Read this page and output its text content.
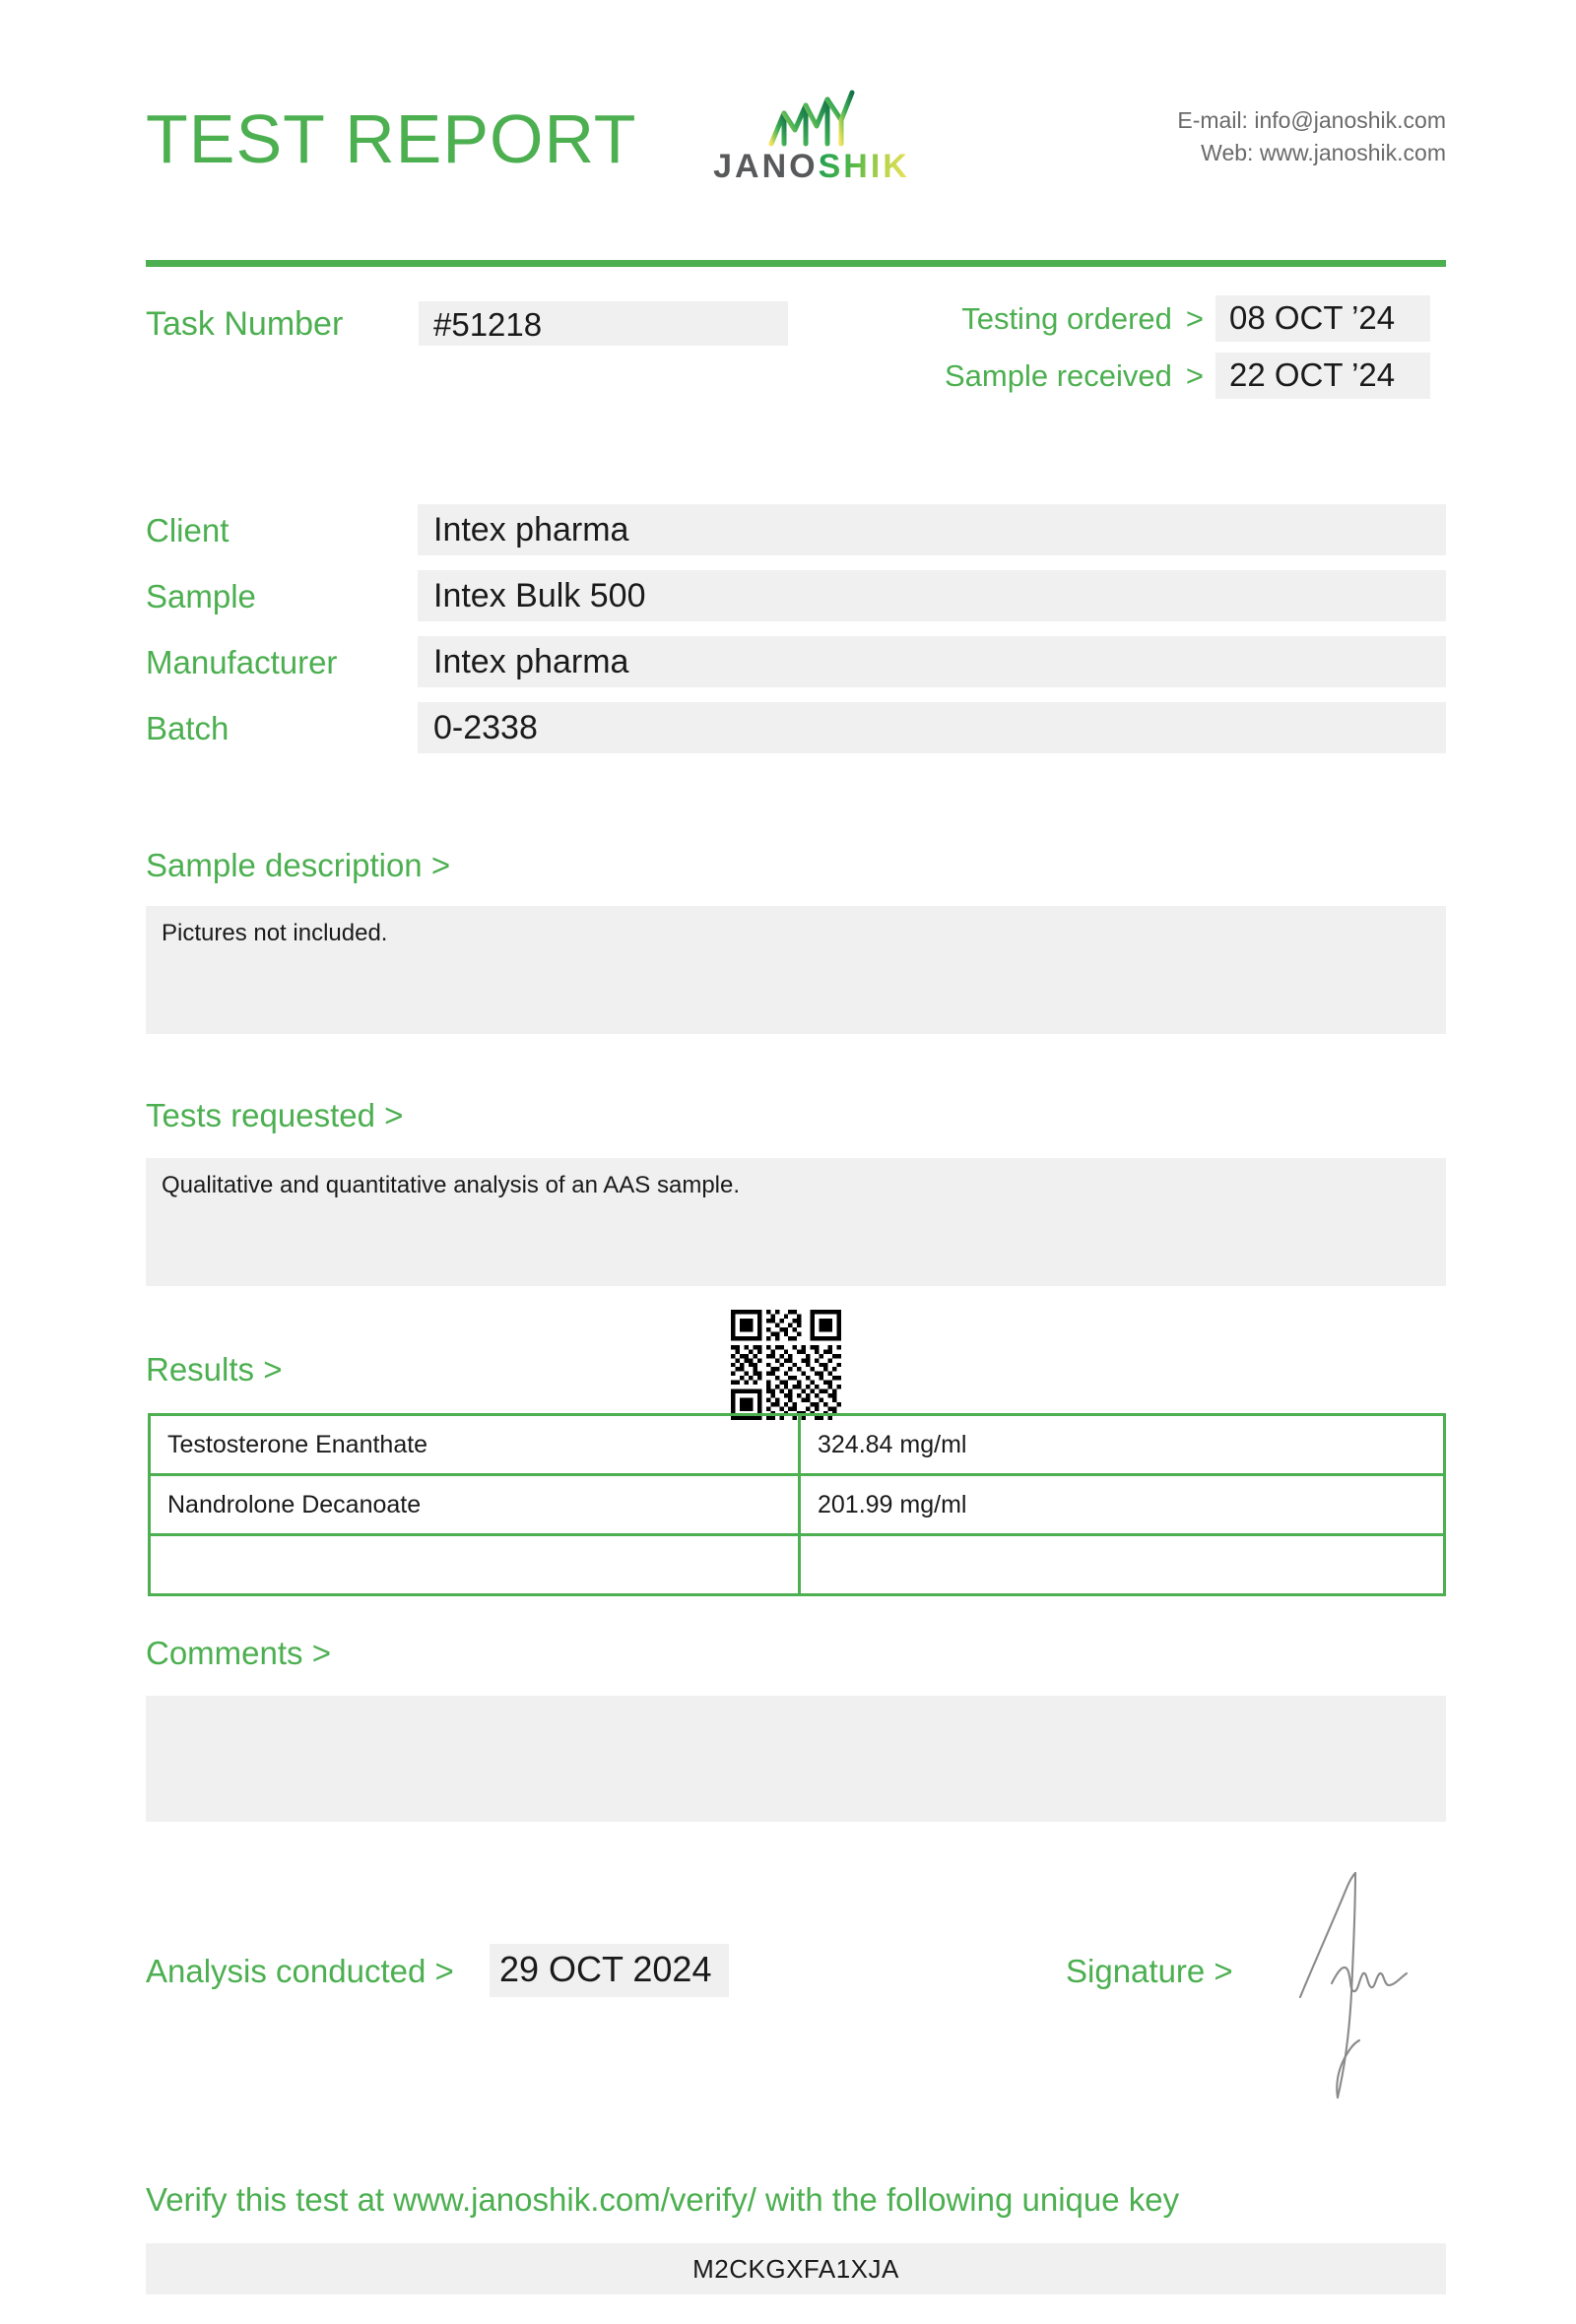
TEST REPORT	JANOSHIK
E-mail: info@janoshik.com
Web: www.janoshik.com
Task Number	#51218	Testing ordered > 08 OCT ’24
Sample received > 22 OCT ’24
Client	Intex pharma
Sample	Intex Bulk 500
Manufacturer	Intex pharma
Batch	0-2338
Sample description >
Pictures not included.
Tests requested >
Qualitative and quantitative analysis of an AAS sample.
Results >
Testosterone Enanthate	324.84 mg/ml
Nandrolone Decanoate	201.99 mg/ml

Comments >
Analysis conducted > 29 OCT 2024	Signature >
Verify this test at www.janoshik.com/verify/ with the following unique key
M2CKGXFA1XJA
